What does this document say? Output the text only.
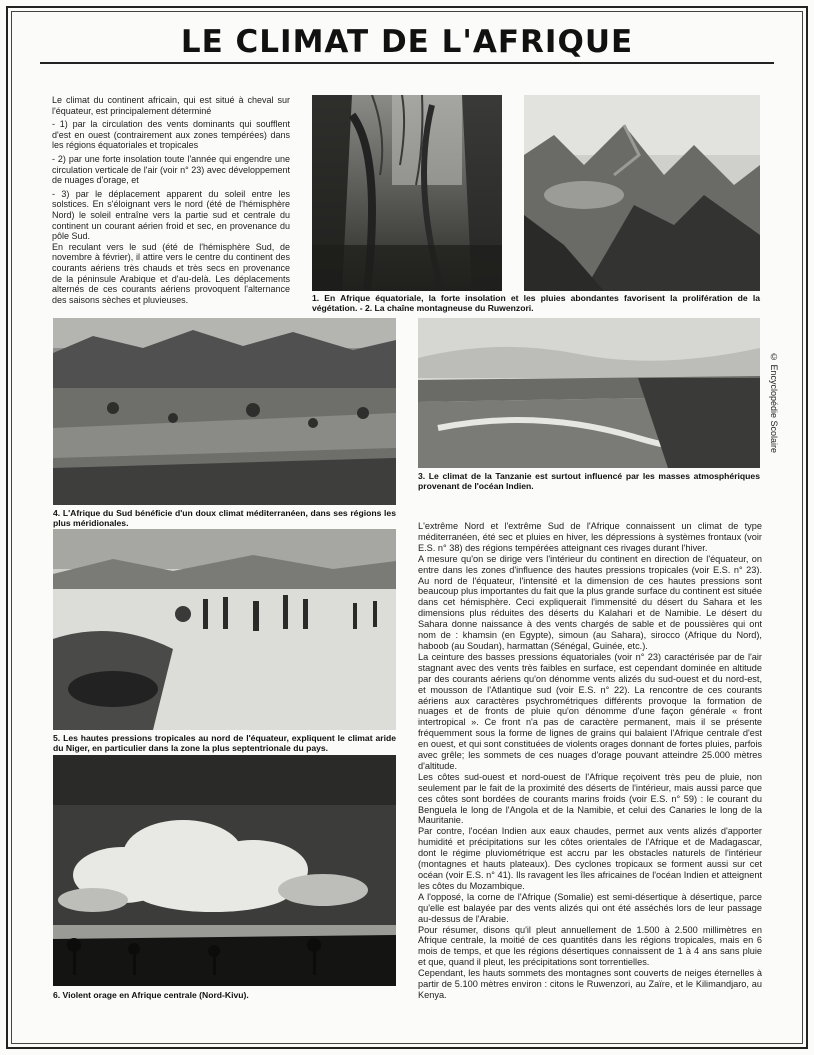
LE CLIMAT DE L'AFRIQUE

Le climat du continent africain, qui est situé à cheval sur l'équateur, est principalement déterminé

- 1) par la circulation des vents dominants qui soufflent d'est en ouest (contrairement aux zones tempérées) dans les régions équatoriales et tropicales

- 2) par une forte insolation toute l'année qui engendre une circulation verticale de l'air (voir n° 23) avec développement de nuages d'orage, et

- 3) par le déplacement apparent du soleil entre les solstices. En s'éloignant vers le nord (été de l'hémisphère Nord) le soleil entraîne vers la partie sud et centrale du continent un courant aérien froid et sec, en provenance du pôle Sud.

En reculant vers le sud (été de l'hémisphère Sud, de novembre à février), il attire vers le centre du continent des courants aériens très chauds et très secs en provenance de la péninsule Arabique et d'au-delà. Les déplacements alternés de ces courants aériens provoquent l'alternance des saisons sèches et pluvieuses.	1. En Afrique équatoriale, la forte insolation et les pluies abondantes favorisent la prolifération de la végétation. - 2. La chaîne montagneuse du Ruwenzori.
3. Le climat de la Tanzanie est surtout influencé par les masses atmosphériques provenant de l'océan Indien.
4. L'Afrique du Sud bénéficie d'un doux climat méditerranéen, dans ses régions les plus méridionales.
5. Les hautes pressions tropicales au nord de l'équateur, expliquent le climat aride du Niger, en particulier dans la zone la plus septentrionale du pays.
6. Violent orage en Afrique centrale (Nord-Kivu).

L'extrême Nord et l'extrême Sud de l'Afrique connaissent un climat de type méditerranéen, été sec et pluies en hiver, les dépressions à systèmes frontaux (voir E.S. n° 38) des régions tempérées atteignant ces rivages durant l'hiver.

A mesure qu'on se dirige vers l'intérieur du continent en direction de l'équateur, on entre dans les zones d'influence des hautes pressions tropicales (voir E.S. n° 23). Au nord de l'équateur, l'intensité et la dimension de ces hautes pressions sont beaucoup plus importantes du fait que la plus grande surface du continent est située dans cet hémisphère. Ceci expliquerait l'immensité du désert du Sahara et les dimensions plus réduites des déserts du Kalahari et de Namibie. Le désert du Sahara donne naissance à des vents chargés de sable et de poussières qui ont nom de : khamsin (en Egypte), simoun (au Sahara), sirocco (Afrique du Nord), haboob (au Soudan), harmattan (Sénégal, Guinée, etc.).

La ceinture des basses pressions équatoriales (voir n° 23) caractérisée par de l'air stagnant avec des vents très faibles en surface, est cependant dominée en altitude par des courants aériens qu'on dénomme vents alizés du sud-ouest et du nord-est, et mousson de l'Atlantique sud (voir E.S. n° 22). La rencontre de ces courants aériens aux caractères psychrométriques différents provoque la formation de nuages et de fronts de pluie qu'on dénomme d'une façon générale « front intertropical ». Ce front n'a pas de caractère permanent, mais il se présente fréquemment sous la forme de lignes de grains qui balaient l'Afrique centrale d'est en ouest, et qui sont constituées de violents orages donnant de fortes pluies, parfois avec grêle; les sommets de ces nuages d'orage pouvant atteindre 25.000 mètres d'altitude.

Les côtes sud-ouest et nord-ouest de l'Afrique reçoivent très peu de pluie, non seulement par le fait de la proximité des déserts de l'intérieur, mais aussi parce que ces côtes sont bordées de courants marins froids (voir E.S. n° 59) : le courant du Benguela le long de l'Angola et de la Namibie, et celui des Canaries le long de la Mauritanie.

Par contre, l'océan Indien aux eaux chaudes, permet aux vents alizés d'apporter humidité et précipitations sur les côtes orientales de l'Afrique et de Madagascar, dont le régime pluviométrique est accru par les obstacles naturels de l'intérieur (montagnes et hauts plateaux). Des cyclones tropicaux se forment aussi sur cet océan (voir E.S. n° 41). Ils ravagent les îles africaines de l'océan Indien et atteignent les côtes du Mozambique.

A l'opposé, la corne de l'Afrique (Somalie) est semi-désertique à désertique, parce qu'elle est balayée par des vents alizés qui ont été asséchés lors de leur passage au-dessus de l'Arabie.

Pour résumer, disons qu'il pleut annuellement de 1.500 à 2.500 millimètres en Afrique centrale, la moitié de ces quantités dans les régions tropicales, mais en 6 mois de temps, et que les régions désertiques connaissent de 1 à 4 ans sans pluie et que, quand il pleut, les précipitations sont torrentielles.

Cependant, les hauts sommets des montagnes sont couverts de neiges éternelles à partir de 5.100 mètres environ : citons le Ruwenzori, au Zaïre, et le Kilimandjaro, au Kenya.

© Encyclopédie Scolaire
